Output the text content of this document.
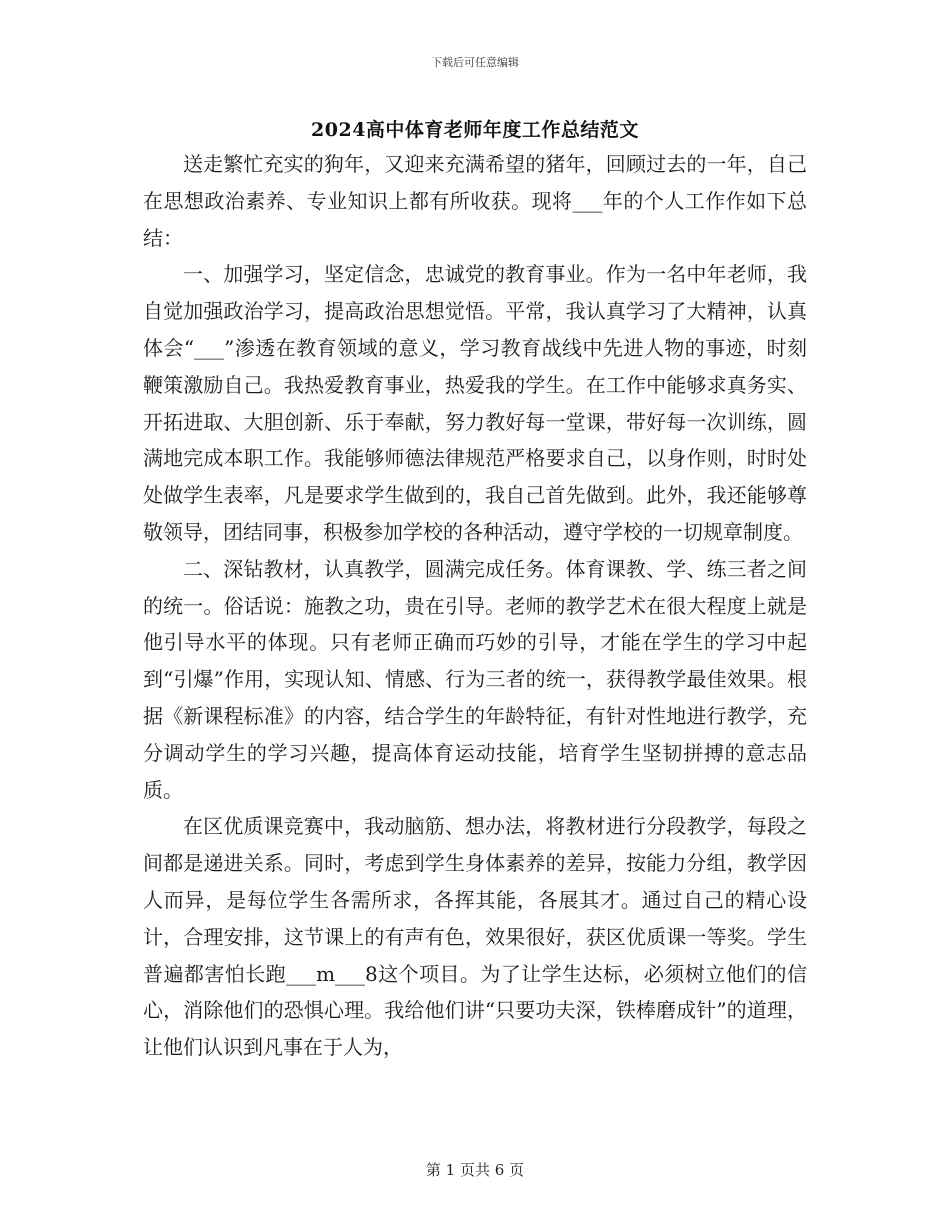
下载后可任意编辑
2024高中体育老师年度工作总结范文

送走繁忙充实的狗年，又迎来充满希望的猪年，回顾过去的一年，自己在思想政治素养、专业知识上都有所收获。现将___年的个人工作作如下总结：

一、加强学习，坚定信念，忠诚党的教育事业。作为一名中年老师，我自觉加强政治学习，提高政治思想觉悟。平常，我认真学习了大精神，认真体会“___”渗透在教育领域的意义，学习教育战线中先进人物的事迹，时刻鞭策激励自己。我热爱教育事业，热爱我的学生。在工作中能够求真务实、开拓进取、大胆创新、乐于奉献，努力教好每一堂课，带好每一次训练，圆满地完成本职工作。我能够师德法律规范严格要求自己，以身作则，时时处处做学生表率，凡是要求学生做到的，我自己首先做到。此外，我还能够尊敬领导，团结同事，积极参加学校的各种活动，遵守学校的一切规章制度。

二、深钻教材，认真教学，圆满完成任务。体育课教、学、练三者之间的统一。俗话说：施教之功，贵在引导。老师的教学艺术在很大程度上就是他引导水平的体现。只有老师正确而巧妙的引导，才能在学生的学习中起到“引爆”作用，实现认知、情感、行为三者的统一，获得教学最佳效果。根据《新课程标准》的内容，结合学生的年龄特征，有针对性地进行教学，充分调动学生的学习兴趣，提高体育运动技能，培育学生坚韧拼搏的意志品质。

在区优质课竞赛中，我动脑筋、想办法，将教材进行分段教学，每段之间都是递进关系。同时，考虑到学生身体素养的差异，按能力分组，教学因人而异，是每位学生各需所求，各挥其能，各展其才。通过自己的精心设计，合理安排，这节课上的有声有色，效果很好，获区优质课一等奖。学生普遍都害怕长跑___m___8这个项目。为了让学生达标，必须树立他们的信心，消除他们的恐惧心理。我给他们讲“只要功夫深，铁棒磨成针”的道理，让他们认识到凡事在于人为，

第 1 页共 6 页
